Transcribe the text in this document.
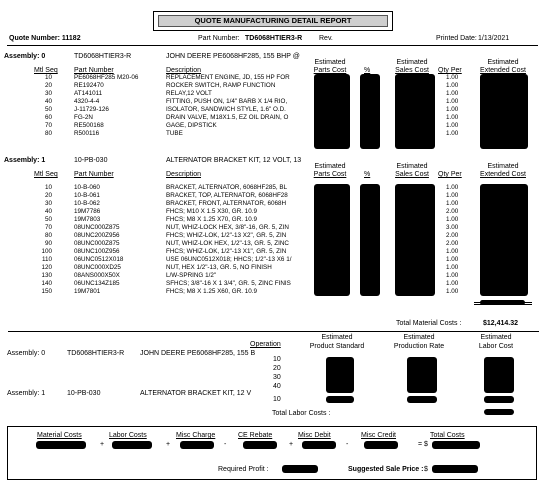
QUOTE MANUFACTURING DETAIL REPORT
Quote Number: 11182	Part Number: TD6068HTIER3-R Rev.	Printed Date: 1/13/2021
Assembly: 0	TD6068HTIER3-R	JOHN DEERE PE6068HF285, 155 BHP @
Mtl Seq Part Number	Description
Estimated
Parts Cost	%
Estimated
Sales Cost	Qty Per
Estimated
Extended Cost
10	PE6068HF285 M20-06	REPLACEMENT ENGINE, JD, 155 HP FOR	1.00
20	RE192470	ROCKER SWITCH, RAMP FUNCTION	1.00
30	AT141011	RELAY,12 VOLT	1.00
40	4320-4-4	FITTING, PUSH ON, 1/4" BARB X 1/4 RIO,	1.00
50	J-11729-126	ISOLATOR, SANDWICH STYLE, 1.6" O.D.	1.00
60	FG-2N	DRAIN VALVE, M18X1.5, EZ OIL DRAIN, O	1.00
70	RE500168	GAGE, DIPSTICK	1.00
80	R500116	TUBE	1.00
Assembly: 1	10-PB-030	ALTERNATOR BRACKET KIT, 12 VOLT, 13
Mtl Seq Part Number	Description
Estimated
Parts Cost	%
Estimated
Sales Cost	Qty Per
Estimated
Extended Cost
10	10-B-060	BRACKET, ALTERNATOR, 6068HF285, BL	1.00
20	10-B-061	BRACKET, TOP, ALTERNATOR, 6068HF28	1.00
30	10-B-062	BRACKET, FRONT, ALTERNATOR, 6068H	1.00
40	19M7786	FHCS; M10 X 1.5 X30, GR. 10.9	2.00
50	19M7803	FHCS; M8 X 1.25 X70, GR. 10.9	1.00
70	08UNC000Z875	NUT, WHIZ-LOCK HEX, 3/8"-16, GR. 5, ZIN	3.00
80	08UNC200Z956	FHCS; WHIZ-LOK, 1/2"-13 X2", GR. 5, ZIN	2.00
90	08UNC000Z875	NUT, WHIZ-LOK HEX, 1/2"-13, GR. 5, ZINC	2.00
100	08UNC100Z956	FHCS; WHIZ-LOK, 1/2"-13 X1", GR. 5, ZIN	1.00
110	06UNC0512X018	USE 06UNC0512X018; HHCS; 1/2"-13 X6 1/	1.00
120	08UNC000XD25	NUT, HEX 1/2"-13, GR. 5, NO FINISH	1.00
130	08ANS000X50X	L/W-SPRING 1/2"	1.00
140	06UNC134Z185	SFHCS; 3/8"-16 X 1 3/4", GR. 5, ZINC FINIS	1.00
150	19M7801	FHCS; M8 X 1.25 X60, GR. 10.9	1.00
Total Material Costs :	$12,414.32
Operation
Estimated
Product Standard
Estimated
Production Rate
Estimated
Labor Cost
Assembly: 0	TD6068HTIER3-R JOHN DEERE PE6068HF285, 155 B
10
20
30
40
Assembly: 1	10-PB-030	ALTERNATOR BRACKET KIT, 12 V
10
Total Labor Costs :
Material Costs
+
Labor Costs
+
Misc Charge
-
CE Rebate
+
Misc Debit
-
Misc Credit
=
Total Costs
$
Required Profit :	Suggested Sale Price : $
